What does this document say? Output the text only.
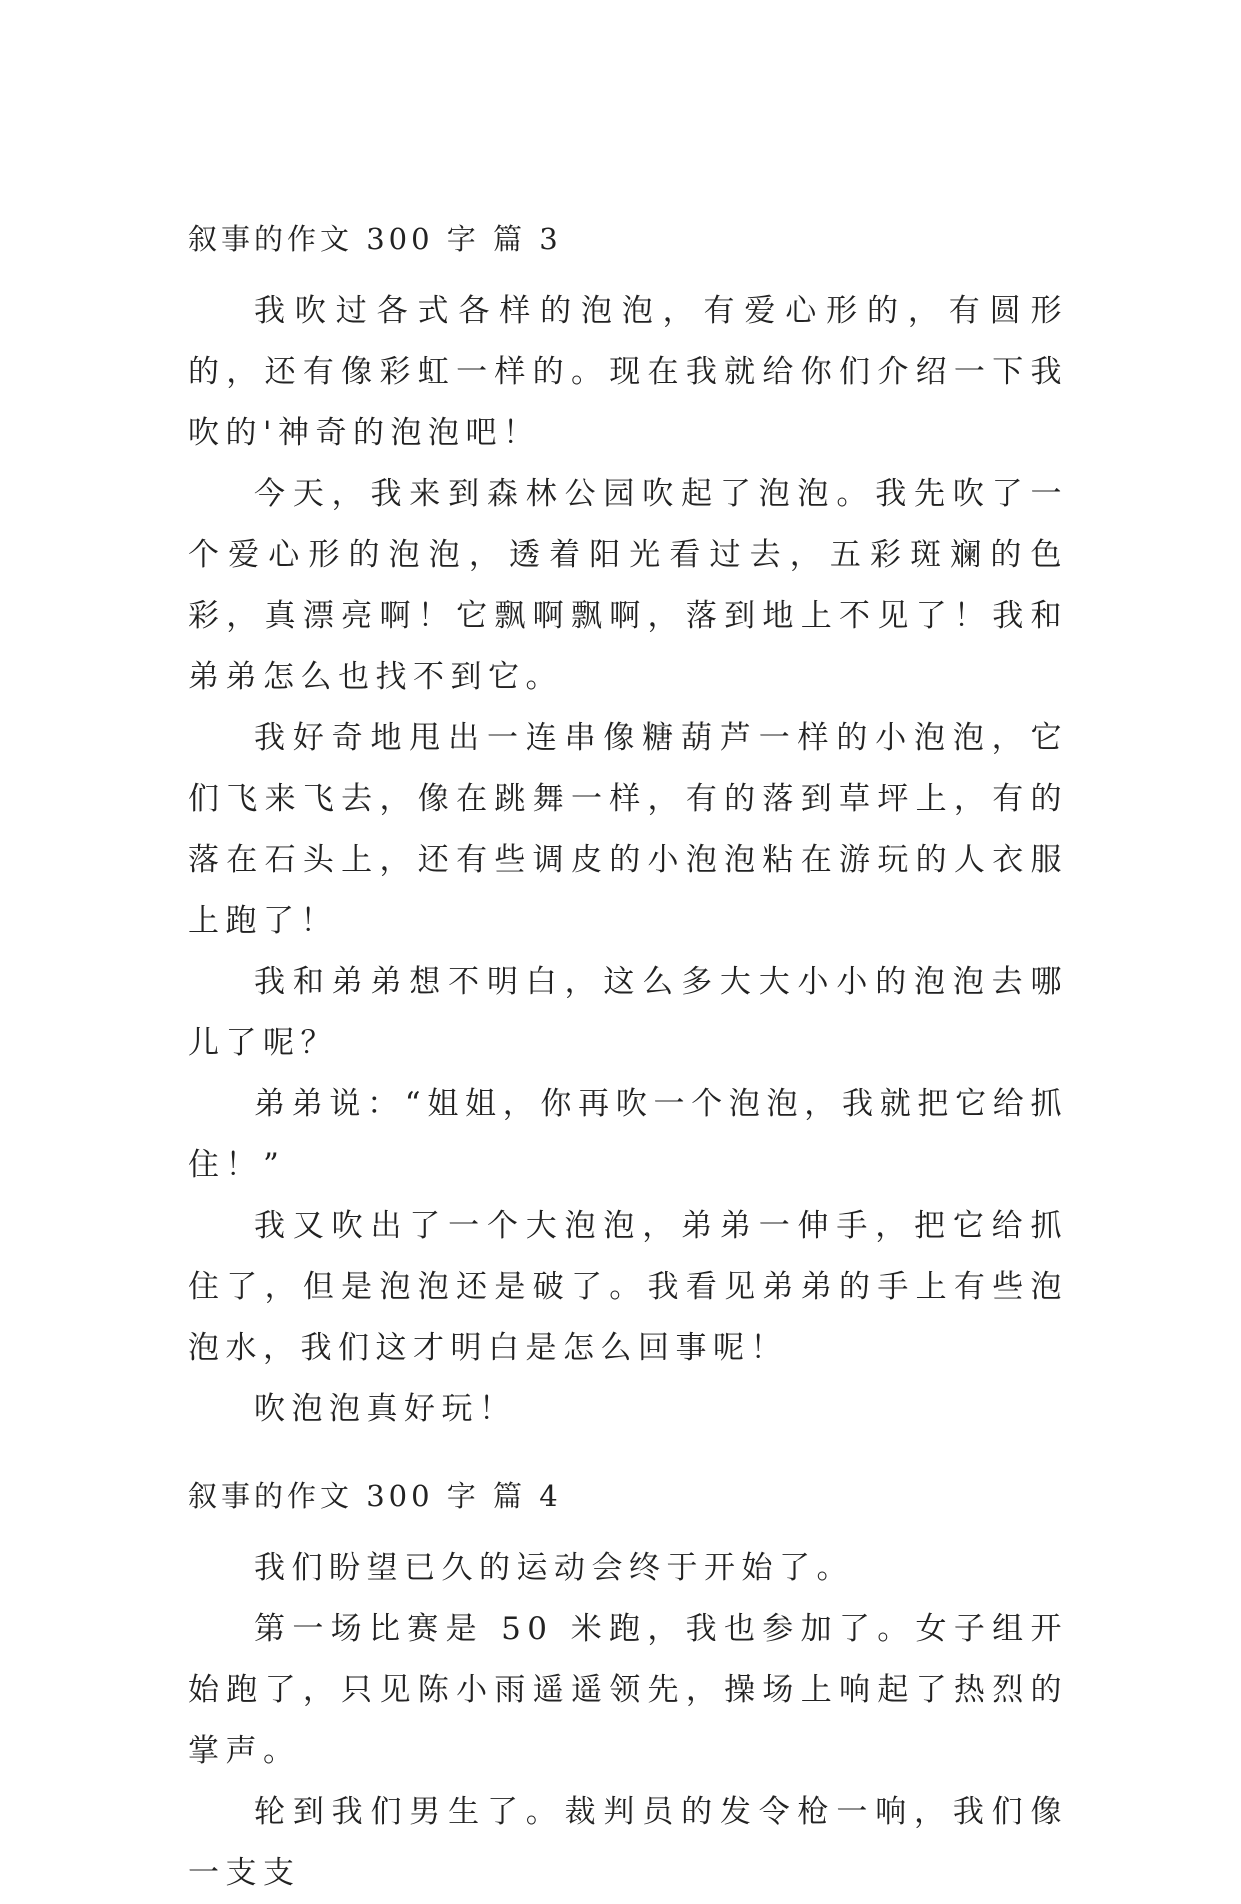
叙事的作文 300 字 篇 3

我吹过各式各样的泡泡，有爱心形的，有圆形的，还有像彩虹一样的。现在我就给你们介绍一下我吹的'神奇的泡泡吧！

今天，我来到森林公园吹起了泡泡。我先吹了一个爱心形的泡泡，透着阳光看过去，五彩斑斓的色彩，真漂亮啊！它飘啊飘啊，落到地上不见了！我和弟弟怎么也找不到它。

我好奇地甩出一连串像糖葫芦一样的小泡泡，它们飞来飞去，像在跳舞一样，有的落到草坪上，有的落在石头上，还有些调皮的小泡泡粘在游玩的人衣服上跑了！

我和弟弟想不明白，这么多大大小小的泡泡去哪儿了呢？

弟弟说：“姐姐，你再吹一个泡泡，我就把它给抓住！”

我又吹出了一个大泡泡，弟弟一伸手，把它给抓住了，但是泡泡还是破了。我看见弟弟的手上有些泡泡水，我们这才明白是怎么回事呢！

吹泡泡真好玩！

叙事的作文 300 字 篇 4

我们盼望已久的运动会终于开始了。

第一场比赛是 50 米跑，我也参加了。女子组开始跑了，只见陈小雨遥遥领先，操场上响起了热烈的掌声。

轮到我们男生了。裁判员的发令枪一响，我们像一支支
